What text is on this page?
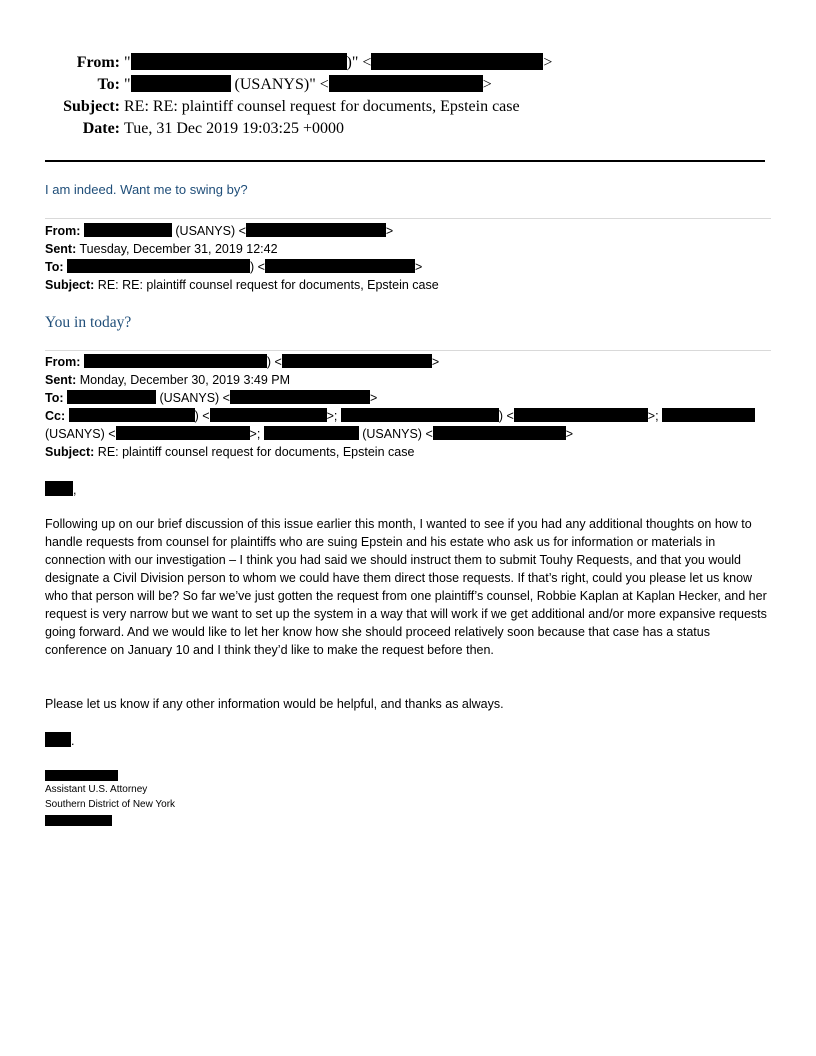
From: "	)" <	>
To: "	(USANYS)" <	>
Subject: RE: RE: plaintiff counsel request for documents, Epstein case
Date: Tue, 31 Dec 2019 19:03:25 +0000
I am indeed. Want me to swing by?
From:	(USANYS) <	>
Sent: Tuesday, December 31, 2019 12:42
To:	) <	>
Subject: RE: RE: plaintiff counsel request for documents, Epstein case
You in today?
From:	) <	>
Sent: Monday, December 30, 2019 3:49 PM
To:	(USANYS) <	>
Cc:	) <	>;	) <	>;
(USANYS) <	>;	(USANYS) <	>
Subject: RE: plaintiff counsel request for documents, Epstein case
,
Following up on our brief discussion of this issue earlier this month, I wanted to see if you had any additional thoughts on how to handle requests from counsel for plaintiffs who are suing Epstein and his estate who ask us for information or materials in connection with our investigation – I think you had said we should instruct them to submit Touhy Requests, and that you would designate a Civil Division person to whom we could have them direct those requests. If that’s right, could you please let us know who that person will be? So far we’ve just gotten the request from one plaintiff’s counsel, Robbie Kaplan at Kaplan Hecker, and her request is very narrow but we want to set up the system in a way that will work if we get additional and/or more expansive requests going forward. And we would like to let her know how she should proceed relatively soon because that case has a status conference on January 10 and I think they’d like to make the request before then.
Please let us know if any other information would be helpful, and thanks as always.
.
Assistant U.S. Attorney
Southern District of New York
